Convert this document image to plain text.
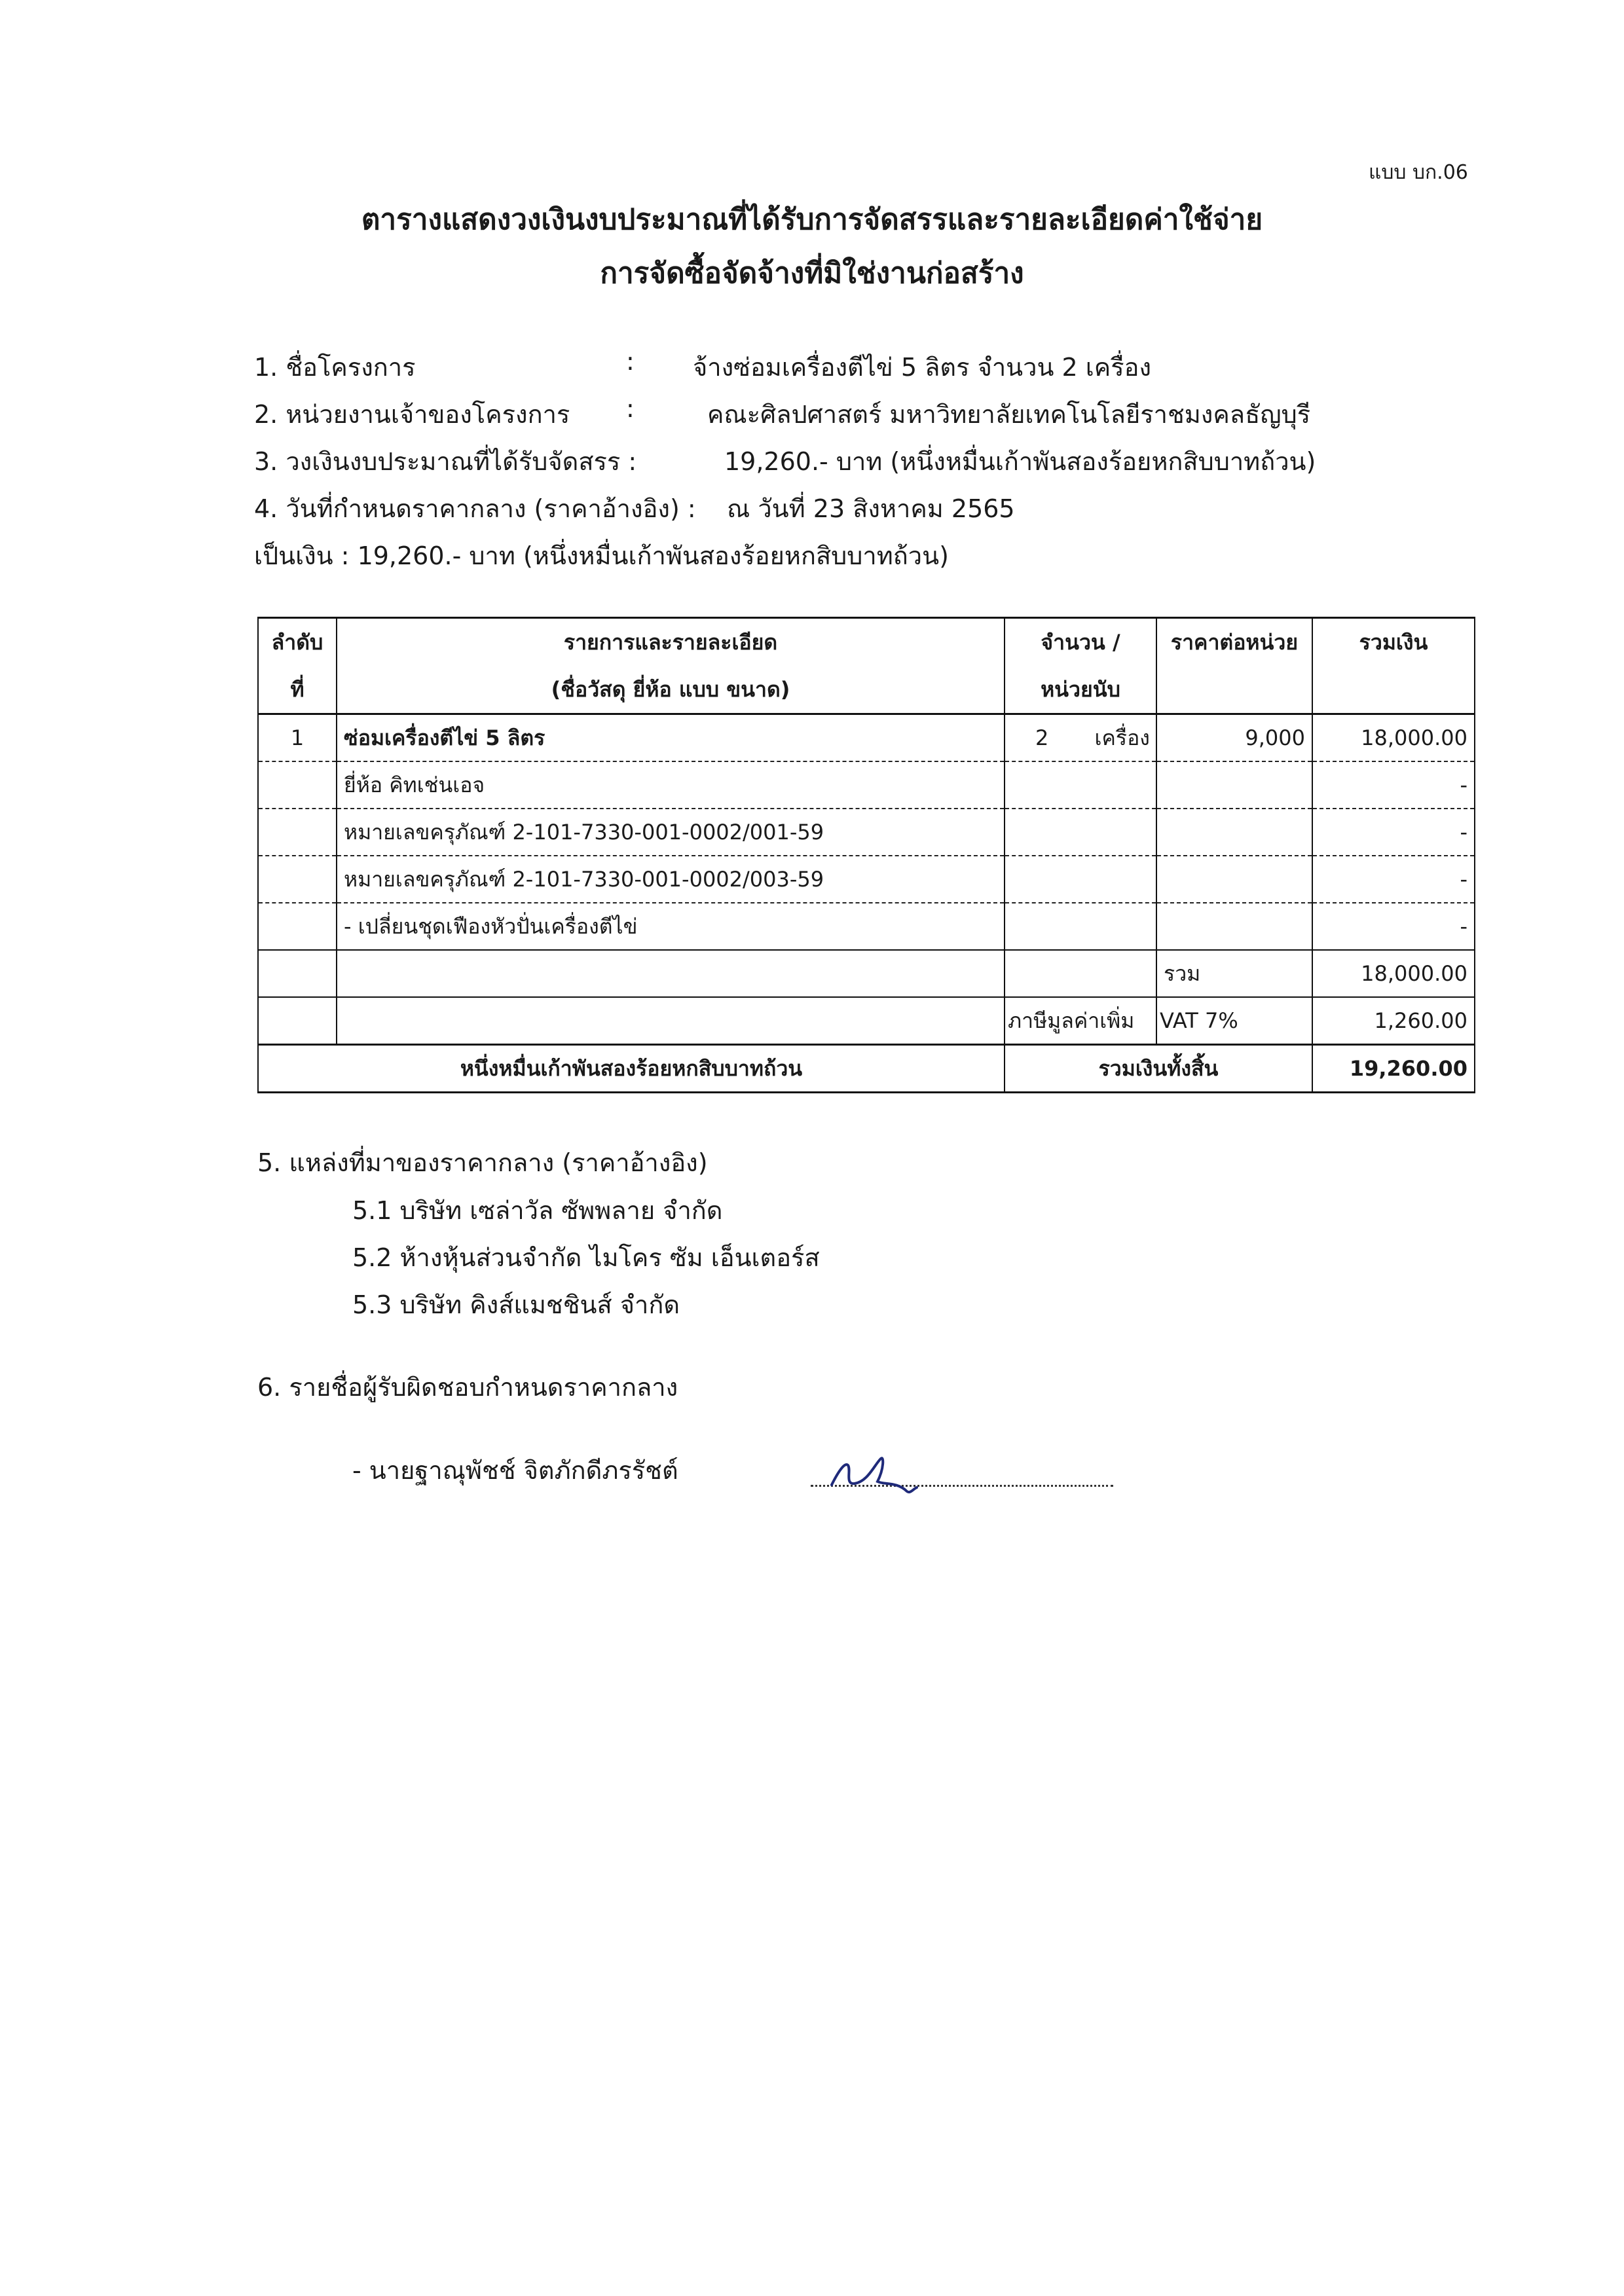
แบบ บก.06
ตารางแสดงวงเงินงบประมาณที่ได้รับการจัดสรรและรายละเอียดค่าใช้จ่าย
การจัดซื้อจัดจ้างที่มิใช่งานก่อสร้าง
1. ชื่อโครงการ	: จ้างซ่อมเครื่องตีไข่ 5 ลิตร จำนวน 2 เครื่อง
2. หน่วยงานเจ้าของโครงการ :	คณะศิลปศาสตร์ มหาวิทยาลัยเทคโนโลยีราชมงคลธัญบุรี
3. วงเงินงบประมาณที่ได้รับจัดสรร :	19,260.- บาท (หนึ่งหมื่นเก้าพันสองร้อยหกสิบบาทถ้วน)
4. วันที่กำหนดราคากลาง (ราคาอ้างอิง) : ณ วันที่ 23 สิงหาคม 2565
เป็นเงิน : 19,260.- บาท (หนึ่งหมื่นเก้าพันสองร้อยหกสิบบาทถ้วน)
ลำดับ	รายการและรายละเอียด	จำนวน /	ราคาต่อหน่วย	รวมเงิน
ที่	(ชื่อวัสดุ ยี่ห้อ แบบ ขนาด)	หน่วยนับ		
1	ซ่อมเครื่องตีไข่ 5 ลิตร	2 เครื่อง	9,000	18,000.00
	ยี่ห้อ คิทเช่นเอจ			-
	หมายเลขครุภัณฑ์ 2-101-7330-001-0002/001-59			-
	หมายเลขครุภัณฑ์ 2-101-7330-001-0002/003-59			-
	- เปลี่ยนชุดเฟืองหัวปั่นเครื่องตีไข่			-
			รวม	18,000.00
		ภาษีมูลค่าเพิ่ม	VAT 7%	1,260.00
หนึ่งหมื่นเก้าพันสองร้อยหกสิบบาทถ้วน		รวมเงินทั้งสิ้น		19,260.00
5. แหล่งที่มาของราคากลาง (ราคาอ้างอิง)
5.1 บริษัท เซล่าวัล ซัพพลาย จำกัด
5.2 ห้างหุ้นส่วนจำกัด ไมโคร ซัม เอ็นเตอร์ส
5.3 บริษัท คิงส์แมชชินส์ จำกัด
6. รายชื่อผู้รับผิดชอบกำหนดราคากลาง
- นายฐาณุพัชช์ จิตภักดีภรรัชต์
